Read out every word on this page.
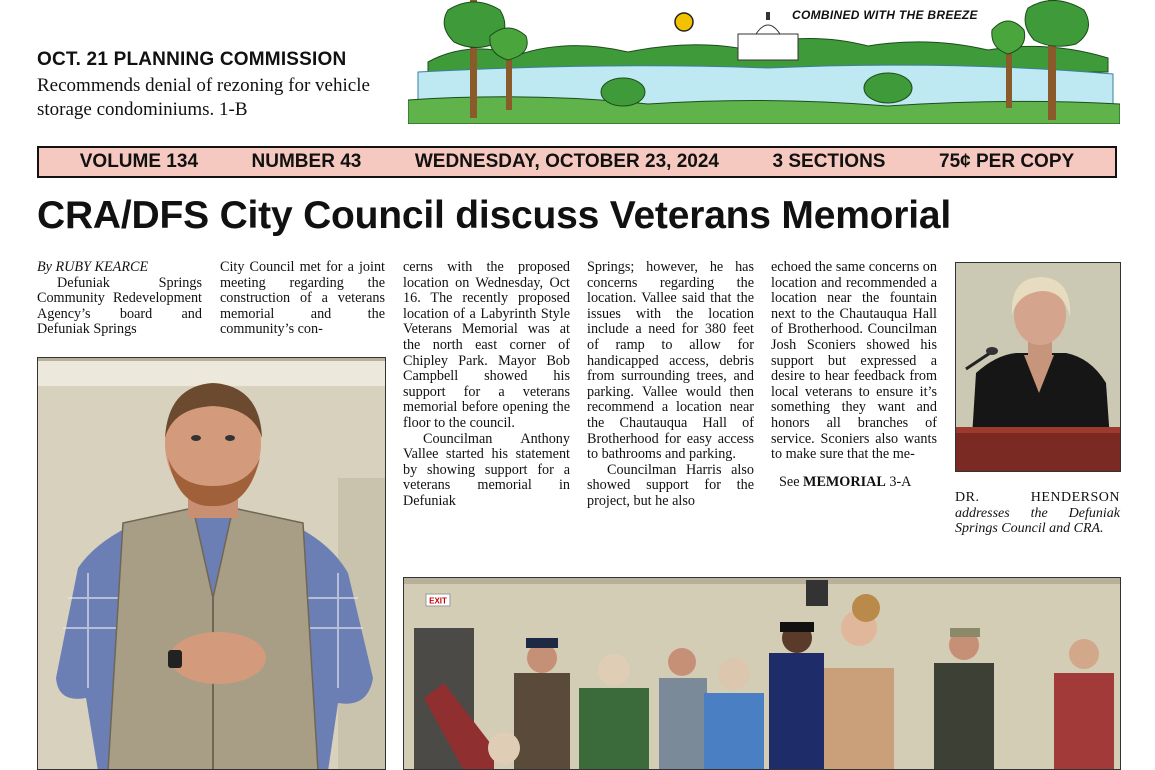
OCT. 21 PLANNING COMMISSION
Recommends denial of rezoning for vehicle storage condominiums. 1-B
COMBINED WITH THE BREEZE
VOLUME 134	NUMBER 43	WEDNESDAY, OCTOBER 23, 2024	3 SECTIONS	75¢ PER COPY
CRA/DFS City Council discuss Veterans Memorial

By RUBY KEARCE

Defuniak Springs Community Redevelopment Agency’s board and Defuniak Springs

City Council met for a joint meeting regarding the construction of a veterans memorial and the community’s con-

cerns with the proposed location on Wednesday, Oct 16. The recently proposed location of a Labyrinth Style Veterans Memorial was at the north east corner of Chipley Park. Mayor Bob Campbell showed his support for a veterans memorial before opening the floor to the council.

Councilman Anthony Vallee started his statement by showing support for a veterans memorial in Defuniak

Springs; however, he has concerns regarding the location. Vallee said that the issues with the location include a need for 380 feet of ramp to allow for handicapped access, debris from surrounding trees, and parking. Vallee would then recommend a location near the Chautauqua Hall of Brotherhood for easy access to bathrooms and parking.

Councilman Harris also showed support for the project, but he also

echoed the same concerns on location and recommended a location near the fountain next to the Chautauqua Hall of Brotherhood. Councilman Josh Sconiers showed his support but expressed a desire to hear feedback from local veterans to ensure it’s something they want and honors all branches of service. Sconiers also wants to make sure that the me-

See MEMORIAL 3-A

DR. HENDERSON addresses the Defuniak Springs Council and CRA.
EXIT
